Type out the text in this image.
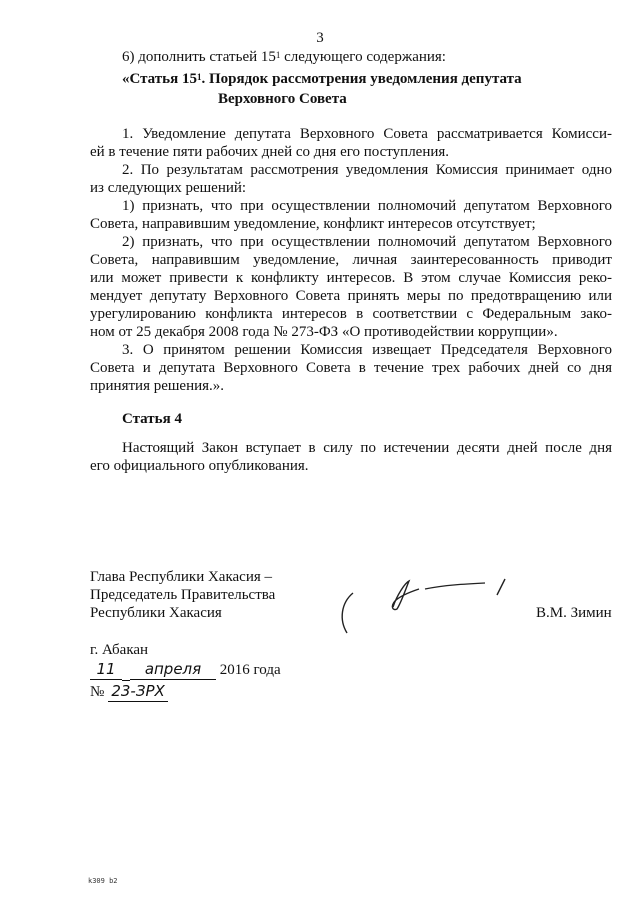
3
6) дополнить статьей $15^1$ следующего содержания:
«Статья $15^1$. Порядок рассмотрения уведомления депутата
Верховного Совета
1. Уведомление депутата Верховного Совета рассматривается Комисси-
ей в течение пяти рабочих дней со дня его поступления.
2. По результатам рассмотрения уведомления Комиссия принимает одно
из следующих решений:
1) признать, что при осуществлении полномочий депутатом Верховного
Совета, направившим уведомление, конфликт интересов отсутствует;
2) признать, что при осуществлении полномочий депутатом Верховного
Совета, направившим уведомление, личная заинтересованность приводит
или может привести к конфликту интересов. В этом случае Комиссия реко-
мендует депутату Верховного Совета принять меры по предотвращению или
урегулированию конфликта интересов в соответствии с Федеральным зако-
ном от 25 декабря 2008 года № 273-ФЗ «О противодействии коррупции».
3. О принятом решении Комиссия извещает Председателя Верховного
Совета и депутата Верховного Совета в течение трех рабочих дней со дня
принятия решения.».
Статья 4
Настоящий Закон вступает в силу по истечении десяти дней после дня
его официального опубликования.
Глава Республики Хакасия –
Председатель Правительства
Республики Хакасия	В.М. Зимин
г. Абакан
11 апреля 2016 года
№ 23-ЗРХ
k309 b2
